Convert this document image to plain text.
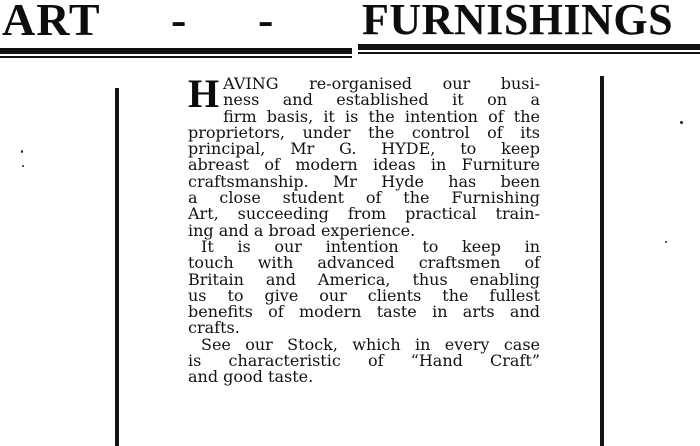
ART - - FURNISHINGS
H AVING re-organised our busi-
ness and established it on a
firm basis, it is the intention of the
proprietors, under the control of its
principal, Mr G. HYDE, to keep
abreast of modern ideas in Furniture
craftsmanship. Mr Hyde has been
a close student of the Furnishing
Art, succeeding from practical train-
ing and a broad experience.
It is our intention to keep in
touch with advanced craftsmen of
Britain and America, thus enabling
us to give our clients the fullest
benefits of modern taste in arts and
crafts.
See our Stock, which in every case
is characteristic of “Hand Craft”
and good taste.
